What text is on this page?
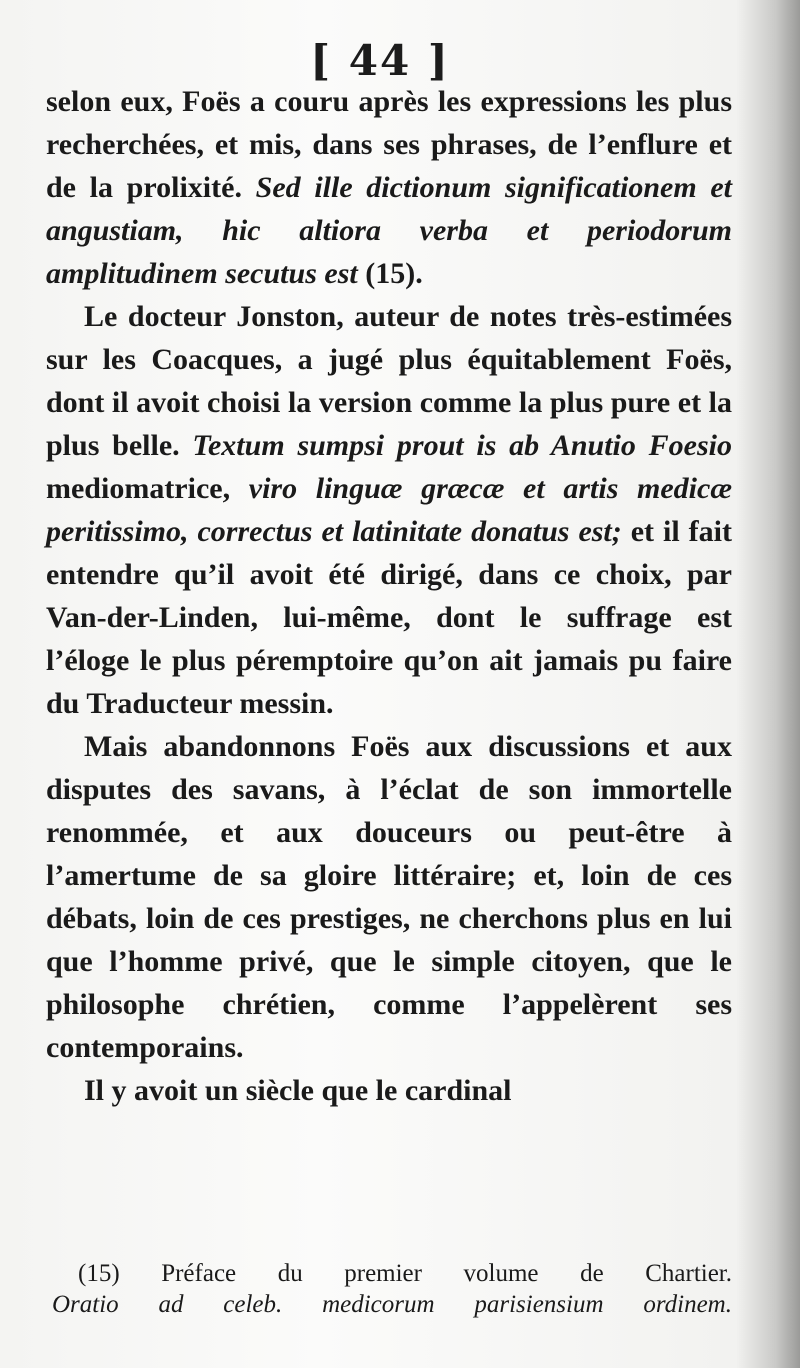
[ 44 ]

selon eux, Foës a couru après les expressions les plus recherchées, et mis, dans ses phrases, de l’enflure et de la prolixité. Sed ille dictionum significationem et angustiam, hic altiora verba et periodorum amplitudinem secutus est (15).

Le docteur Jonston, auteur de notes très-estimées sur les Coacques, a jugé plus équitablement Foës, dont il avoit choisi la version comme la plus pure et la plus belle. Textum sumpsi prout is ab Anutio Foesio mediomatrice, viro linguæ græcæ et artis medicæ peritissimo, correctus et latinitate donatus est; et il fait entendre qu’il avoit été dirigé, dans ce choix, par Van-der-Linden, lui-même, dont le suffrage est l’éloge le plus péremptoire qu’on ait jamais pu faire du Traducteur messin.

Mais abandonnons Foës aux discussions et aux disputes des savans, à l’éclat de son immortelle renommée, et aux douceurs ou peut-être à l’amertume de sa gloire littéraire; et, loin de ces débats, loin de ces prestiges, ne cherchons plus en lui que l’homme privé, que le simple citoyen, que le philosophe chrétien, comme l’appelèrent ses contemporains.

Il y avoit un siècle que le cardinal

(15) Préface du premier volume de Chartier.

Oratio ad celeb. medicorum parisiensium ordinem.
